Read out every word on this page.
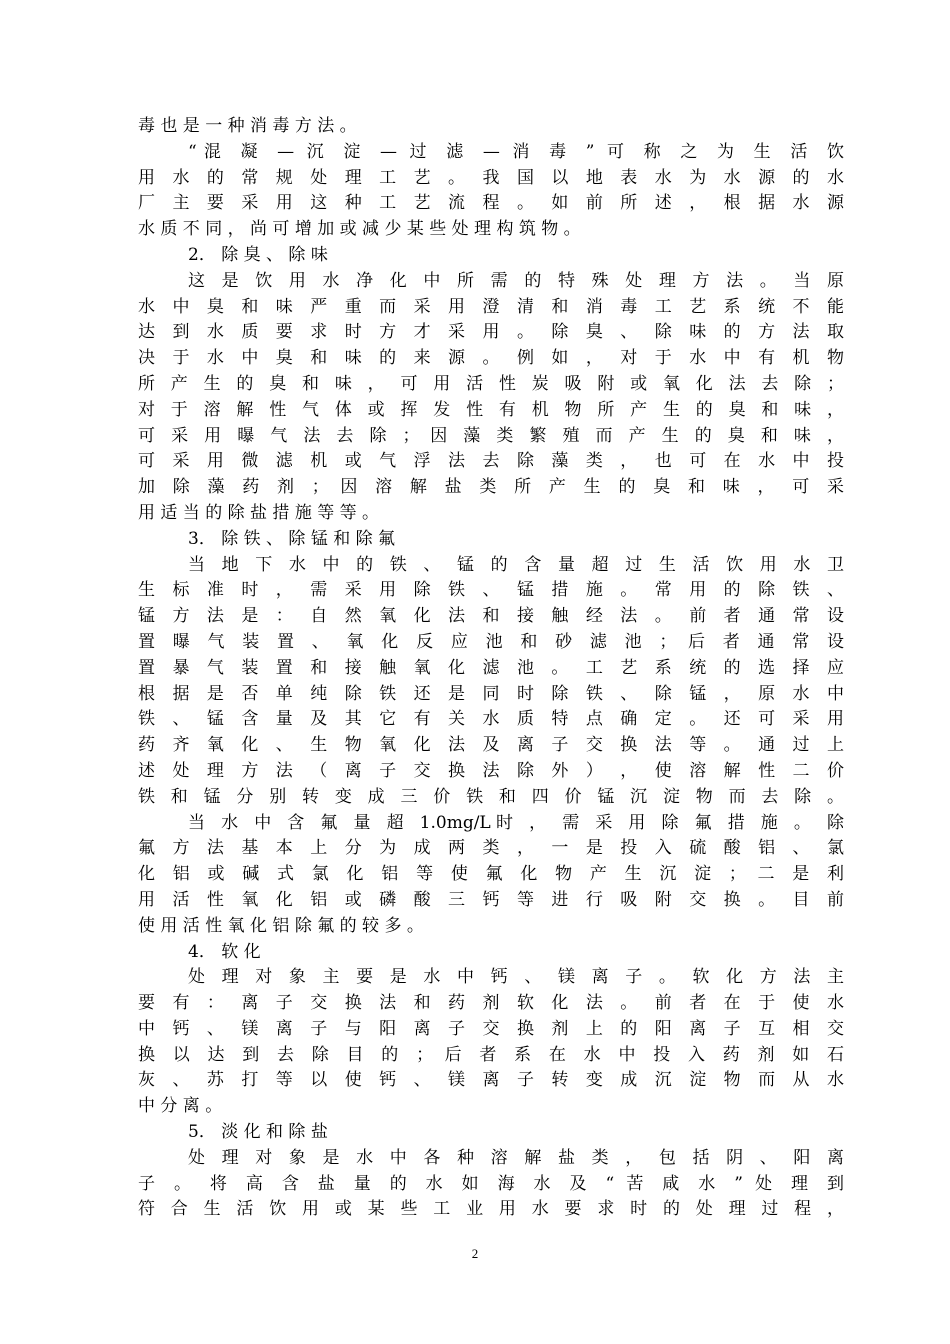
毒 也 是 一 种 消 毒 方 法 。
“混 凝 — 沉 淀 — 过 滤 — 消 毒 ” 可 称 之 为 生 活 饮
用 水 的 常 规 处 理 工 艺 。 我 国 以 地 表 水 为 水 源 的 水
厂 主 要 采 用 这 种 工 艺 流 程 。 如 前 所 述 ， 根 据 水 源
水 质 不 同 ， 尚 可 增 加 或 减 少 某 些 处 理 构 筑 物 。
2． 除 臭 、 除 味
这 是 饮 用 水 净 化 中 所 需 的 特 殊 处 理 方 法 。 当 原
水 中 臭 和 味 严 重 而 采 用 澄 清 和 消 毒 工 艺 系 统 不 能
达 到 水 质 要 求 时 方 才 采 用 。 除 臭 、 除 味 的 方 法 取
决 于 水 中 臭 和 味 的 来 源 。 例 如 ， 对 于 水 中 有 机 物
所 产 生 的 臭 和 味 ， 可 用 活 性 炭 吸 附 或 氧 化 法 去 除 ；
对 于 溶 解 性 气 体 或 挥 发 性 有 机 物 所 产 生 的 臭 和 味 ，
可 采 用 曝 气 法 去 除 ； 因 藻 类 繁 殖 而 产 生 的 臭 和 味 ，
可 采 用 微 滤 机 或 气 浮 法 去 除 藻 类 ， 也 可 在 水 中 投
加 除 藻 药 剂 ； 因 溶 解 盐 类 所 产 生 的 臭 和 味 ， 可 采
用 适 当 的 除 盐 措 施 等 等 。
3． 除 铁 、 除 锰 和 除 氟
当 地 下 水 中 的 铁 、 锰 的 含 量 超 过 生 活 饮 用 水 卫
生 标 准 时 ， 需 采 用 除 铁 、 锰 措 施 。 常 用 的 除 铁 、
锰 方 法 是 ： 自 然 氧 化 法 和 接 触 经 法 。 前 者 通 常 设
置 曝 气 装 置 、 氧 化 反 应 池 和 砂 滤 池 ； 后 者 通 常 设
置 暴 气 装 置 和 接 触 氧 化 滤 池 。 工 艺 系 统 的 选 择 应
根 据 是 否 单 纯 除 铁 还 是 同 时 除 铁 、 除 锰 ， 原 水 中
铁 、 锰 含 量 及 其 它 有 关 水 质 特 点 确 定 。 还 可 采 用
药 齐 氧 化 、 生 物 氧 化 法 及 离 子 交 换 法 等 。 通 过 上
述 处 理 方 法 （ 离 子 交 换 法 除 外 ） ， 使 溶 解 性 二 价
铁 和 锰 分 别 转 变 成 三 价 铁 和 四 价 锰 沉 淀 物 而 去 除 。
当 水 中 含 氟 量 超 1.0mg/L时 ， 需 采 用 除 氟 措 施 。 除
氟 方 法 基 本 上 分 为 成 两 类 ， 一 是 投 入 硫 酸 铝 、 氯
化 铝 或 碱 式 氯 化 铝 等 使 氟 化 物 产 生 沉 淀 ； 二 是 利
用 活 性 氧 化 铝 或 磷 酸 三 钙 等 进 行 吸 附 交 换 。 目 前
使 用 活 性 氧 化 铝 除 氟 的 较 多 。
4． 软 化
处 理 对 象 主 要 是 水 中 钙 、 镁 离 子 。 软 化 方 法 主
要 有 ： 离 子 交 换 法 和 药 剂 软 化 法 。 前 者 在 于 使 水
中 钙 、 镁 离 子 与 阳 离 子 交 换 剂 上 的 阳 离 子 互 相 交
换 以 达 到 去 除 目 的 ； 后 者 系 在 水 中 投 入 药 剂 如 石
灰 、 苏 打 等 以 使 钙 、 镁 离 子 转 变 成 沉 淀 物 而 从 水
中 分 离 。
5． 淡 化 和 除 盐
处 理 对 象 是 水 中 各 种 溶 解 盐 类 ， 包 括 阴 、 阳 离
子 。 将 高 含 盐 量 的 水 如 海 水 及 “ 苦 咸 水 ” 处 理 到
符 合 生 活 饮 用 或 某 些 工 业 用 水 要 求 时 的 处 理 过 程 ，
2
